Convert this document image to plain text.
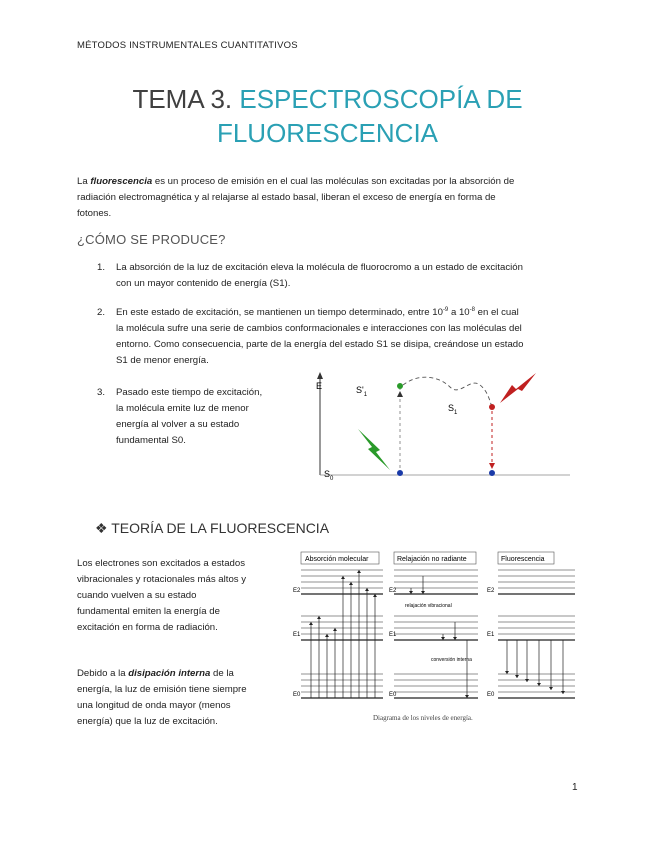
MÉTODOS INSTRUMENTALES CUANTITATIVOS
TEMA 3. ESPECTROSCOPÍA DE
FLUORESCENCIA
La fluorescencia es un proceso de emisión en el cual las moléculas son excitadas por la absorción de
radiación electromagnética y al relajarse al estado basal, liberan el exceso de energía en forma de
fotones.
¿CÓMO SE PRODUCE?
1. La absorción de la luz de excitación eleva la molécula de fluorocromo a un estado de excitación
con un mayor contenido de energía (S1).
2. En este estado de excitación, se mantienen un tiempo determinado, entre $10^{-9}$ a $10^{-8}$ en el cual
la molécula sufre una serie de cambios conformacionales e interacciones con las moléculas del
entorno. Como consecuencia, parte de la energía del estado S1 se disipa, creándose un estado
S1 de menor energía.
3. Pasado este tiempo de excitación,
la molécula emite luz de menor
energía al volver a su estado
fundamental S0.
E	$S'_1$
$S_1$
$S_0$
❖ TEORÍA DE LA FLUORESCENCIA
Los electrones son excitados a estados
vibracionales y rotacionales más altos y
cuando vuelven a su estado
fundamental emiten la energía de
excitación en forma de radiación.
Debido a la disipación interna de la
energía, la luz de emisión tiene siempre
una longitud de onda mayor (menos
energía) que la luz de excitación.
Absorción molecular	Relajación no radiante	Fluorescencia
E2
E1
E0
E2
E1
E0
E2
E1
E0
relajación vibracional
conversión interna
Diagrama de los niveles de energía.
1
